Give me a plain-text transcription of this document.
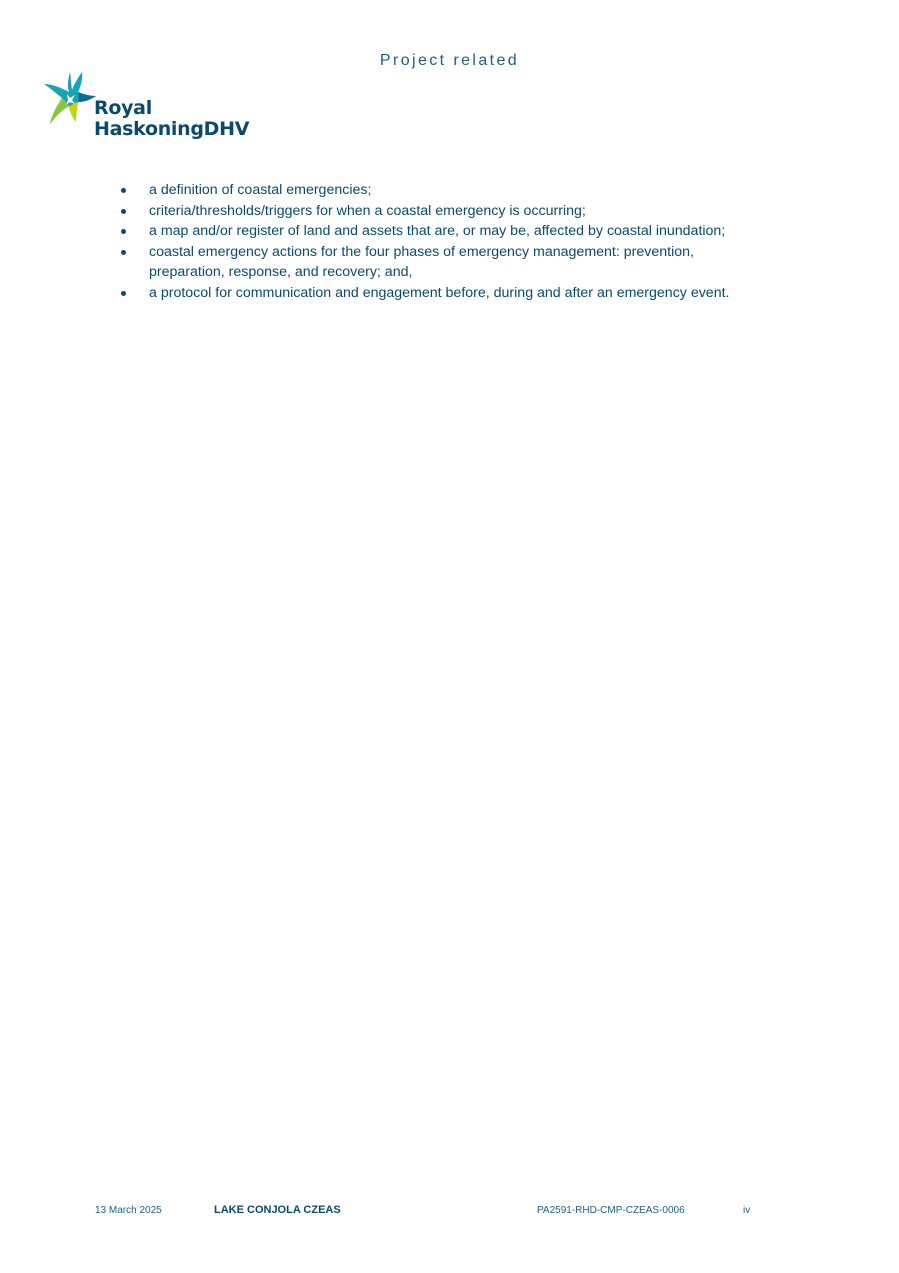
Project related
Royal
HaskoningDHV
a definition of coastal emergencies;
criteria/thresholds/triggers for when a coastal emergency is occurring;
a map and/or register of land and assets that are, or may be, affected by coastal inundation;
coastal emergency actions for the four phases of emergency management: prevention, preparation, response, and recovery; and,
a protocol for communication and engagement before, during and after an emergency event.
13 March 2025	LAKE CONJOLA CZEAS	PA2591-RHD-CMP-CZEAS-0006	iv
